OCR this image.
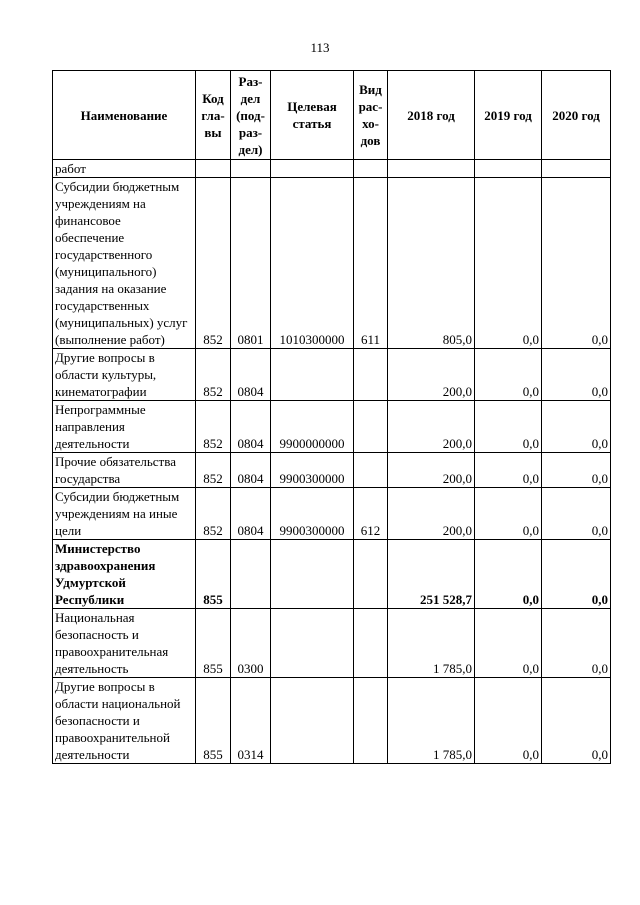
113
Наименование	Код гла- вы	Раз- дел (под- раз- дел)	Целевая статья	Вид рас- хо- дов	2018 год	2019 год	2020 год
работ							
Субсидии бюджетным учреждениям на финансовое обеспечение государственного (муниципального) задания на оказание государственных (муниципальных) услуг (выполнение работ)	852	0801	1010300000	611	805,0	0,0	0,0
Другие вопросы в области культуры, кинематографии	852	0804			200,0	0,0	0,0
Непрограммные направления деятельности	852	0804	9900000000		200,0	0,0	0,0
Прочие обязательства государства	852	0804	9900300000		200,0	0,0	0,0
Субсидии бюджетным учреждениям на иные цели	852	0804	9900300000	612	200,0	0,0	0,0
Министерство здравоохранения Удмуртской Республики	855				251 528,7	0,0	0,0
Национальная безопасность и правоохранительная деятельность	855	0300			1 785,0	0,0	0,0
Другие вопросы в области национальной безопасности и правоохранительной деятельности	855	0314			1 785,0	0,0	0,0
